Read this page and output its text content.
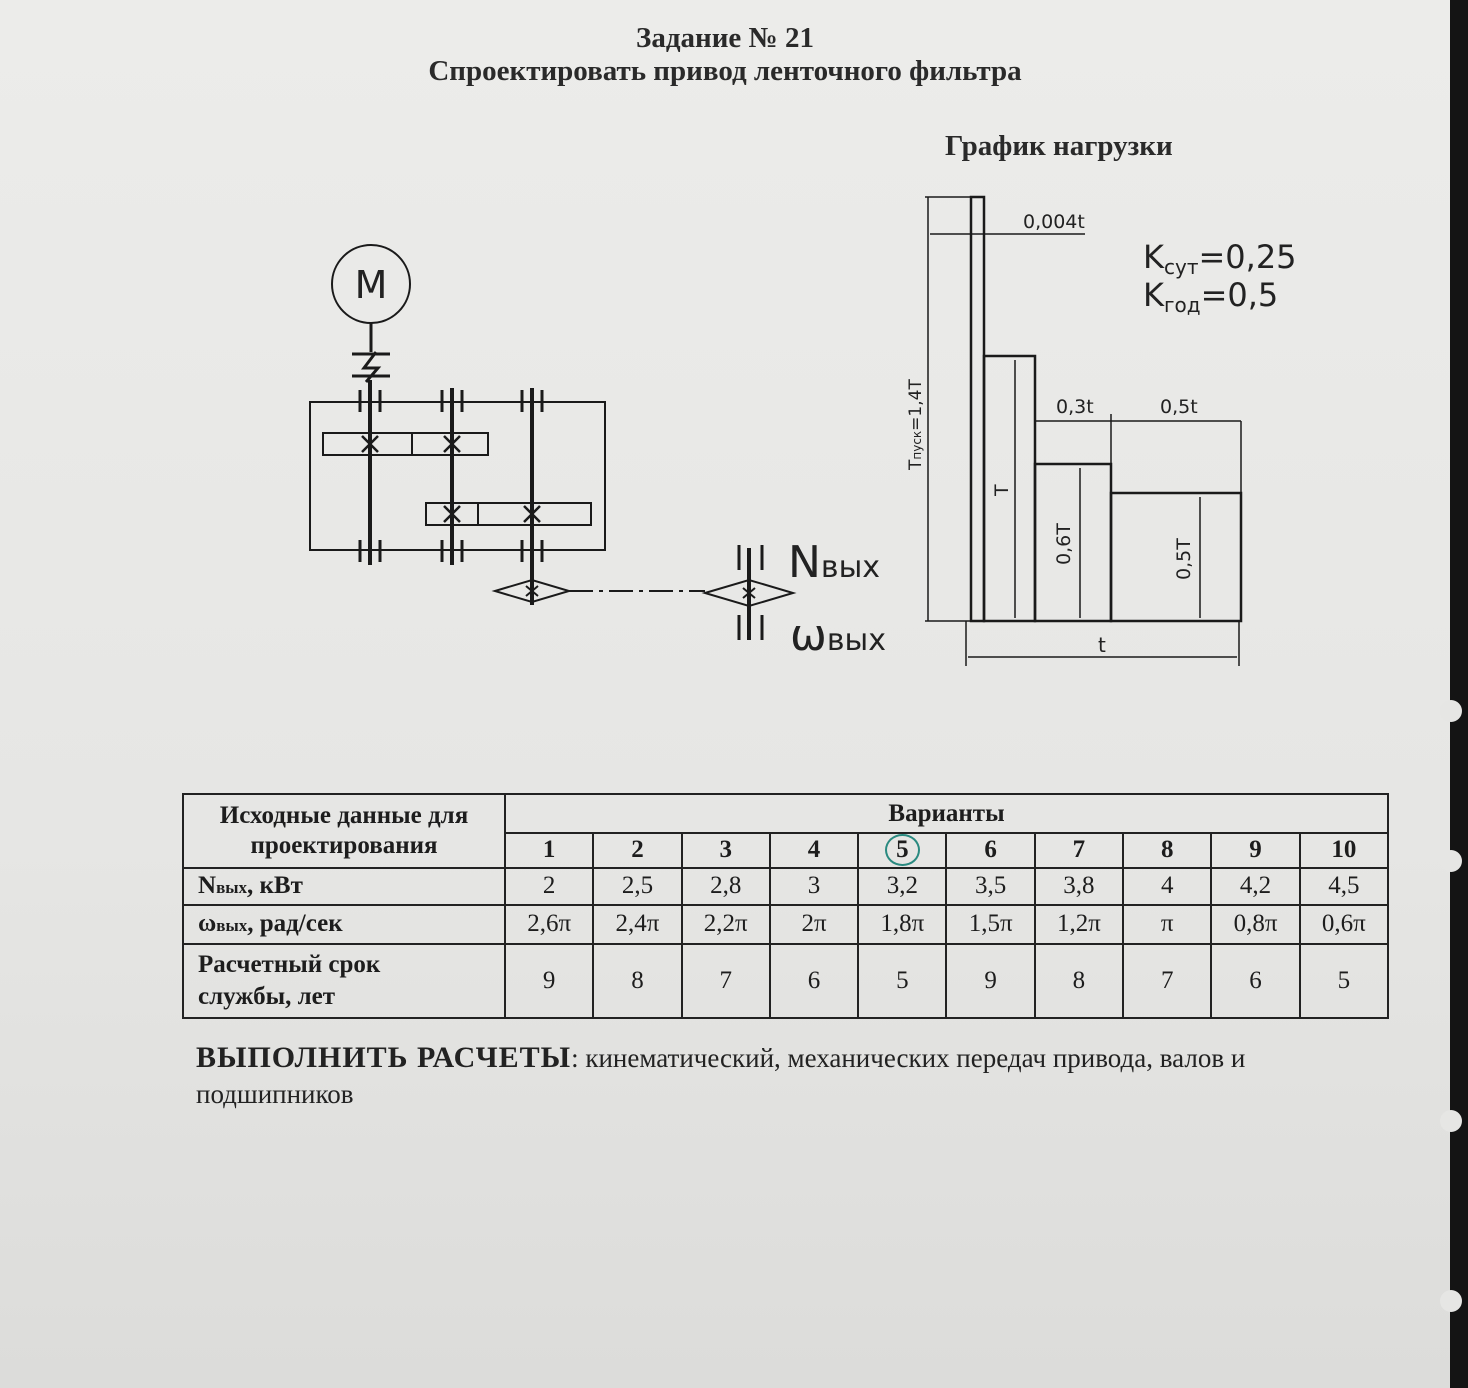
Задание № 21
Спроектировать привод ленточного фильтра
График нагрузки
М
Nвых
ωвых
0,004t
0,3t	0,5t
t
Тпуск=1,4Т
Т
0,6Т	0,5Т
Kсут=0,25
Kгод=0,5
Исходные данные для
проектирования	Варианты									
	1	2	3	4	5	6	7	8	9	10
Nвых, кВт	2	2,5	2,8	3	3,2	3,5	3,8	4	4,2	4,5
ωвых, рад/сек	2,6π	2,4π	2,2π	2π	1,8π	1,5π	1,2π	π	0,8π	0,6π

Расчетный срок
службы, лет	9	8	7	6	5	9	8	7	6	5
ВЫПОЛНИТЬ РАСЧЕТЫ: кинематический, механических передач привода, валов и подшипников
